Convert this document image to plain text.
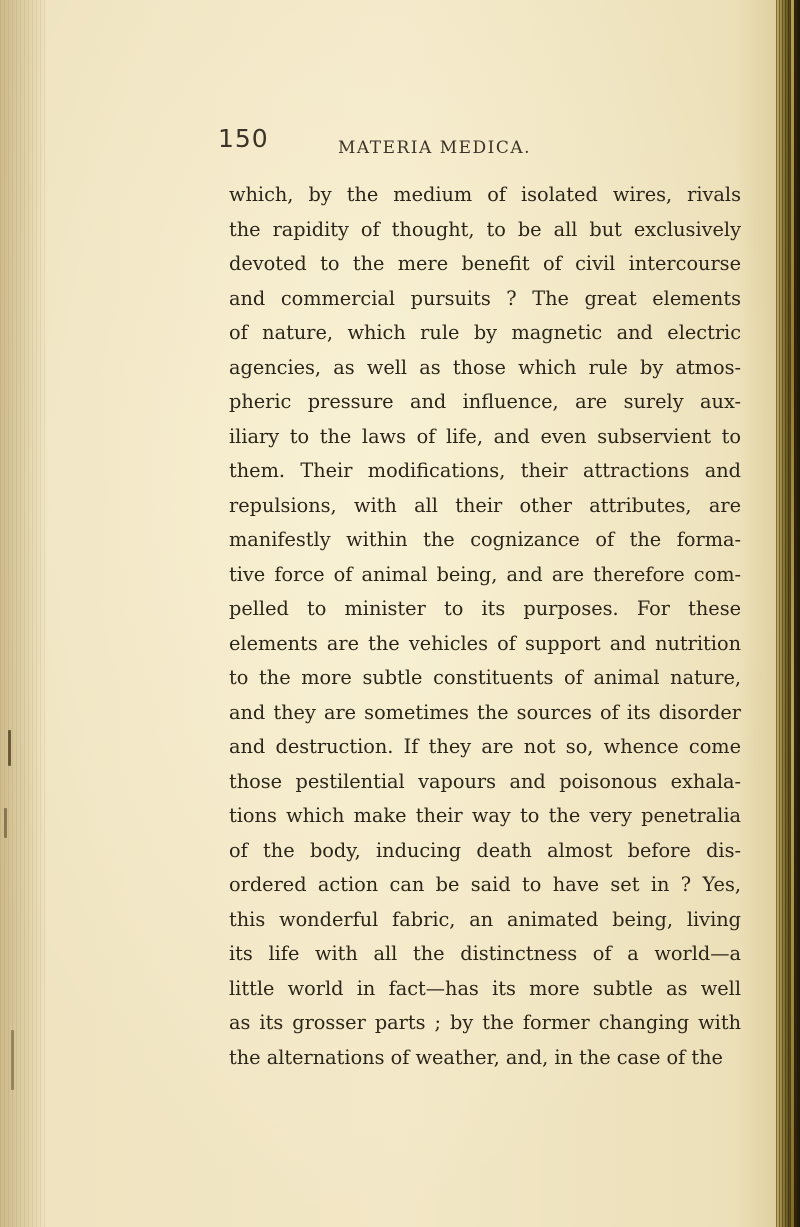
150	MATERIA MEDICA.
which, by the medium of isolated wires, rivals
the rapidity of thought, to be all but exclusively
devoted to the mere benefit of civil intercourse
and commercial pursuits ? The great elements
of nature, which rule by magnetic and electric
agencies, as well as those which rule by atmos-
pheric pressure and influence, are surely aux-
iliary to the laws of life, and even subservient to
them. Their modifications, their attractions and
repulsions, with all their other attributes, are
manifestly within the cognizance of the forma-
tive force of animal being, and are therefore com-
pelled to minister to its purposes. For these
elements are the vehicles of support and nutrition
to the more subtle constituents of animal nature,
and they are sometimes the sources of its disorder
and destruction. If they are not so, whence come
those pestilential vapours and poisonous exhala-
tions which make their way to the very penetralia
of the body, inducing death almost before dis-
ordered action can be said to have set in ? Yes,
this wonderful fabric, an animated being, living
its life with all the distinctness of a world—a
little world in fact—has its more subtle as well
as its grosser parts ; by the former changing with
the alternations of weather, and, in the case of the
